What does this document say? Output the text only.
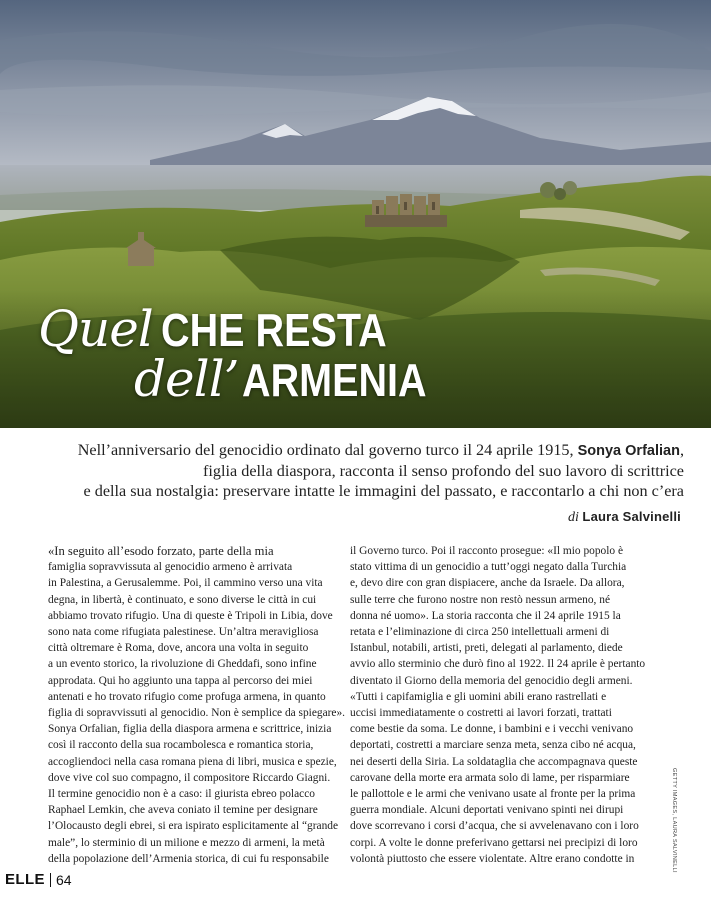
Quel CHE RESTA
dell’ ARMENIA
Nell’anniversario del genocidio ordinato dal governo turco il 24 aprile 1915, Sonya Orfalian,
figlia della diaspora, racconta il senso profondo del suo lavoro di scrittrice
e della sua nostalgia: preservare intatte le immagini del passato, e raccontarlo a chi non c’era
di Laura Salvinelli
«In seguito all’esodo forzato, parte della mia
famiglia sopravvissuta al genocidio armeno è arrivata
in Palestina, a Gerusalemme. Poi, il cammino verso una vita
degna, in libertà, è continuato, e sono diverse le città in cui
abbiamo trovato rifugio. Una di queste è Tripoli in Libia, dove
sono nata come rifugiata palestinese. Un’altra meravigliosa
città oltremare è Roma, dove, ancora una volta in seguito
a un evento storico, la rivoluzione di Gheddafi, sono infine
approdata. Qui ho aggiunto una tappa al percorso dei miei
antenati e ho trovato rifugio come profuga armena, in quanto
figlia di sopravvissuti al genocidio. Non è semplice da spiegare».
Sonya Orfalian, figlia della diaspora armena e scrittrice, inizia
così il racconto della sua rocambolesca e romantica storia,
accogliendoci nella casa romana piena di libri, musica e spezie,
dove vive col suo compagno, il compositore Riccardo Giagni.
Il termine genocidio non è a caso: il giurista ebreo polacco
Raphael Lemkin, che aveva coniato il temine per designare
l’Olocausto degli ebrei, si era ispirato esplicitamente al “grande
male”, lo sterminio di un milione e mezzo di armeni, la metà
della popolazione dell’Armenia storica, di cui fu responsabile
il Governo turco. Poi il racconto prosegue: «Il mio popolo è
stato vittima di un genocidio a tutt’oggi negato dalla Turchia
e, devo dire con gran dispiacere, anche da Israele. Da allora,
sulle terre che furono nostre non restò nessun armeno, né
donna né uomo». La storia racconta che il 24 aprile 1915 la
retata e l’eliminazione di circa 250 intellettuali armeni di
Istanbul, notabili, artisti, preti, delegati al parlamento, diede
avvio allo sterminio che durò fino al 1922. Il 24 aprile è pertanto
diventato il Giorno della memoria del genocidio degli armeni.
«Tutti i capifamiglia e gli uomini abili erano rastrellati e
uccisi immediatamente o costretti ai lavori forzati, trattati
come bestie da soma. Le donne, i bambini e i vecchi venivano
deportati, costretti a marciare senza meta, senza cibo né acqua,
nei deserti della Siria. La soldataglia che accompagnava queste
carovane della morte era armata solo di lame, per risparmiare
le pallottole e le armi che venivano usate al fronte per la prima
guerra mondiale. Alcuni deportati venivano spinti nei dirupi
dove scorrevano i corsi d’acqua, che si avvelenavano con i loro
corpi. A volte le donne preferivano gettarsi nei precipizi di loro
volontà piuttosto che essere violentate. Altre erano condotte in	GETTY IMAGES, LAURA SALVINELLI
ELLE 64
